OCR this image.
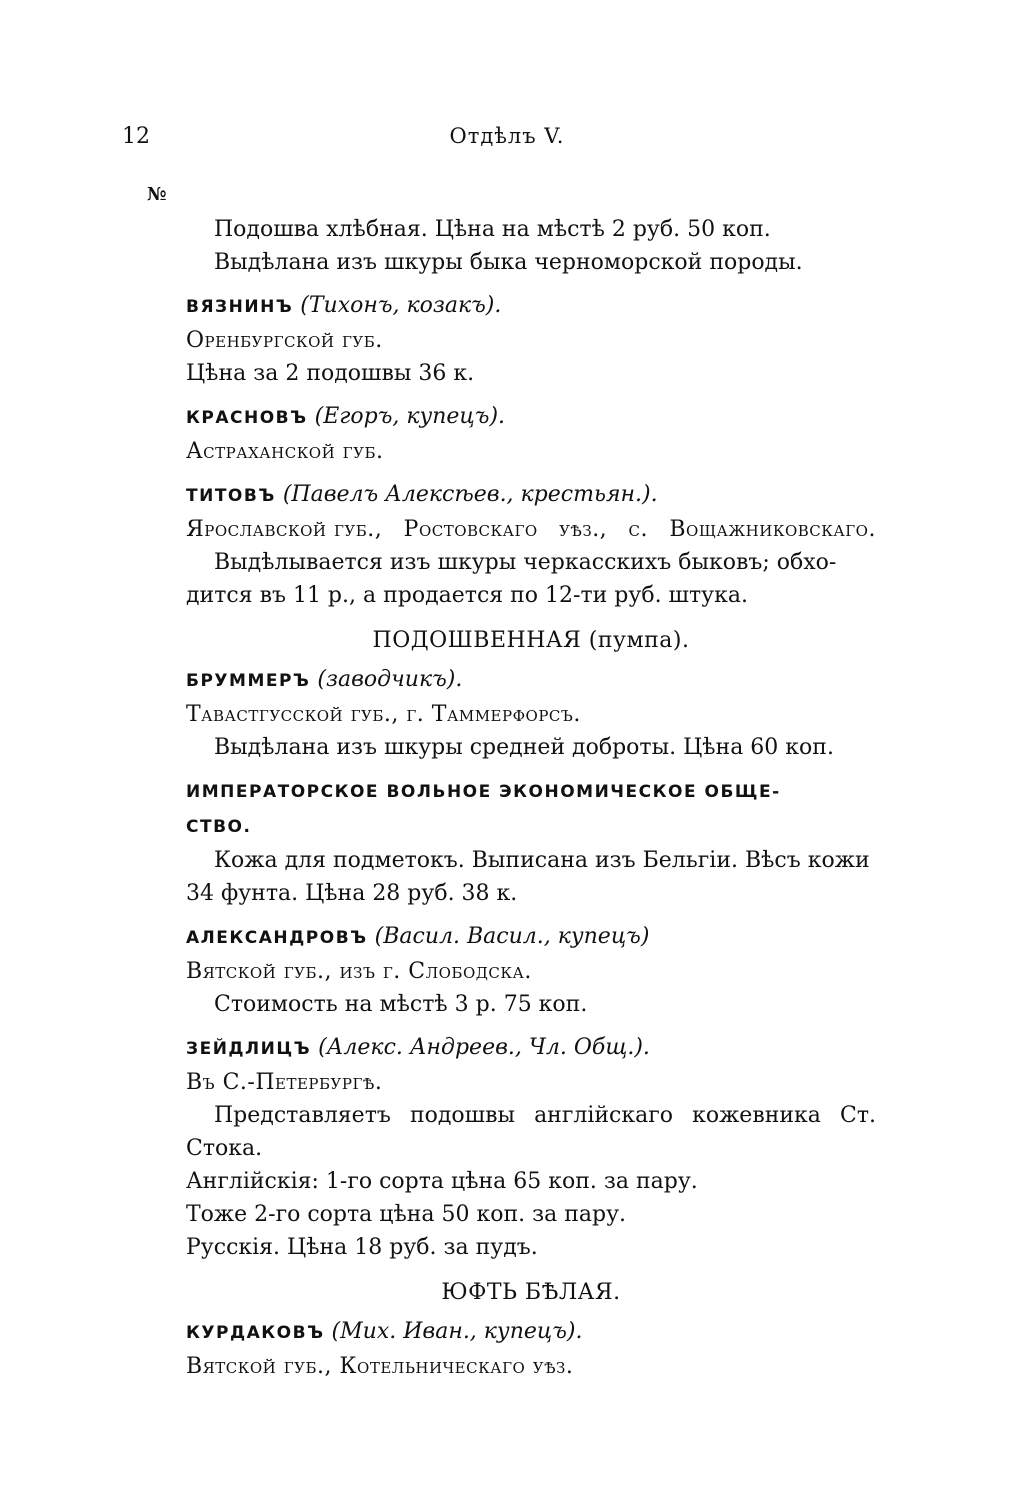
12	Отдѣлъ V.
№
Подошва хлѣбная. Цѣна на мѣстѣ 2 руб. 50 коп.
Выдѣлана изъ шкуры быка черноморской породы.
ВЯЗНИНЪ (Тихонъ, козакъ).
Оренбургской губ.
Цѣна за 2 подошвы 36 к.
КРАСНОВЪ (Егоръ, купецъ).
Астраханской губ.
ТИТОВЪ (Павелъ Алексѣев., крестьян.).
Ярославской губ., Ростовскаго уѣз., с. Вощажниковскаго.
Выдѣлывается изъ шкуры черкасскихъ быковъ; обхо-
дится въ 11 р., а продается по 12-ти руб. штука.
ПОДОШВЕННАЯ (пумпа).
БРУММЕРЪ (заводчикъ).
Тавастгусской губ., г. Таммерфорсъ.
Выдѣлана изъ шкуры средней доброты. Цѣна 60 коп.
ИМПЕРАТОРСКОЕ ВОЛЬНОЕ ЭКОНОМИЧЕСКОЕ ОБЩЕ-
СТВО.
Кожа для подметокъ. Выписана изъ Бельгіи. Вѣсъ кожи
34 фунта. Цѣна 28 руб. 38 к.
АЛЕКСАНДРОВЪ (Васил. Васил., купецъ)
Вятской губ., изъ г. Слободска.
Стоимость на мѣстѣ 3 р. 75 коп.
ЗЕЙДЛИЦЪ (Алекс. Андреев., Чл. Общ.).
Въ С.-Петербургѣ.
Представляетъ подошвы англійскаго кожевника Ст.
Стока.
Англійскія: 1-го сорта цѣна 65 коп. за пару.
Тоже 2-го сорта цѣна 50 коп. за пару.
Русскія. Цѣна 18 руб. за пудъ.
ЮФТЬ БѢЛАЯ.
КУРДАКОВЪ (Мих. Иван., купецъ).
Вятской губ., Котельническаго уѣз.
